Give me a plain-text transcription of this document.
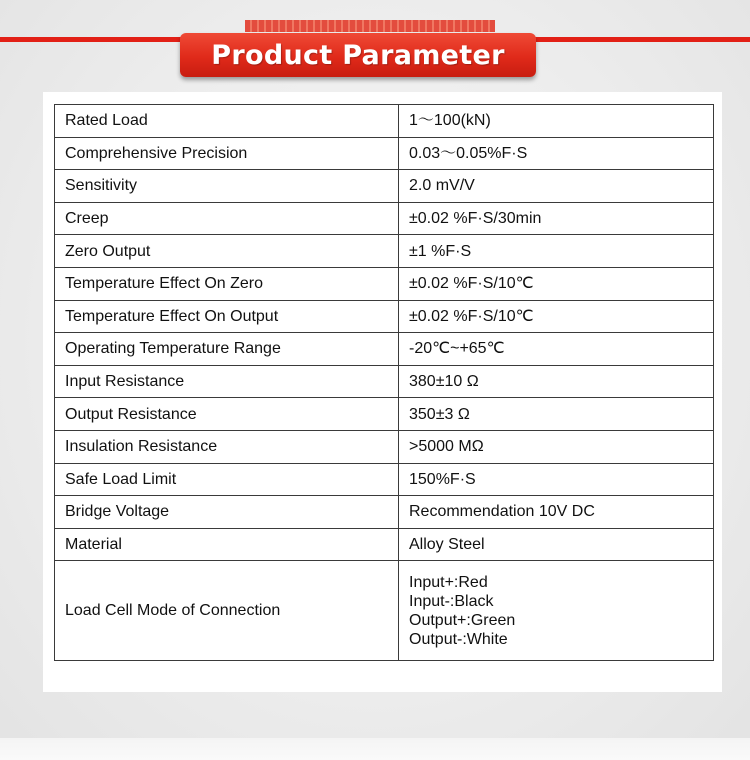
Product Parameter
Rated Load	1～100(kN)
Comprehensive Precision	0.03～0.05%F·S
Sensitivity	2.0 mV/V
Creep	±0.02 %F·S/30min
Zero Output	±1 %F·S
Temperature Effect On Zero	±0.02 %F·S/10℃
Temperature Effect On Output	±0.02 %F·S/10℃
Operating Temperature Range	-20℃~+65℃
Input Resistance	380±10 Ω
Output Resistance	350±3 Ω
Insulation Resistance	>5000 MΩ
Safe Load Limit	150%F·S
Bridge Voltage	Recommendation 10V DC
Material	Alloy Steel
Load Cell Mode of Connection	Input+:Red
Input-:Black
Output+:Green
Output-:White
